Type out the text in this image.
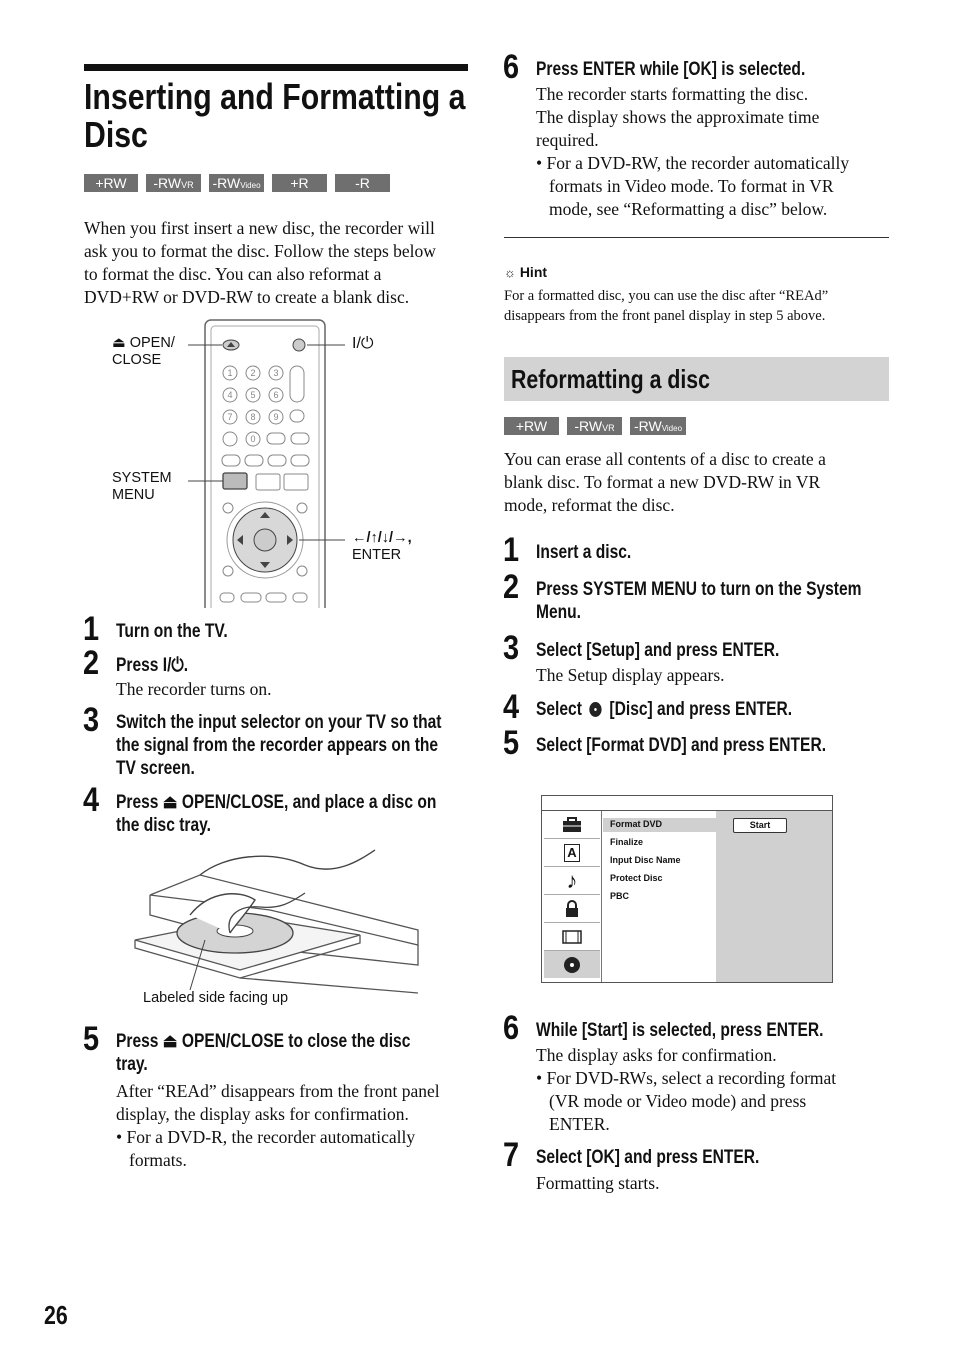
Inserting and Formatting a
Disc
+RW	-RWVR	-RWVideo	+R	-R
When you first insert a new disc, the recorder will
ask you to format the disc. Follow the steps below
to format the disc. You can also reformat a
DVD+RW or DVD-RW to create a blank disc.
1 2 3
4 5 6
7 8 9
0
⏏ OPEN/
CLOSE
I/⏻
SYSTEM
MENU
←/↑/↓/→,
ENTER
1 Turn on the TV.
2 Press I/⏻.
The recorder turns on.
3 Switch the input selector on your TV so that
the signal from the recorder appears on the
TV screen.
4 Press ⏏ OPEN/CLOSE, and place a disc on
the disc tray.
Labeled side facing up
5 Press ⏏ OPEN/CLOSE to close the disc
tray.
After “REAd” disappears from the front panel
display, the display asks for confirmation.
• For a DVD-R, the recorder automatically
formats.
26
6 Press ENTER while [OK] is selected.
The recorder starts formatting the disc.
The display shows the approximate time
required.
• For a DVD-RW, the recorder automatically
formats in Video mode. To format in VR
mode, see “Reformatting a disc” below.
☼ Hint
For a formatted disc, you can use the disc after “REAd”
disappears from the front panel display in step 5 above.
Reformatting a disc
+RW	-RWVR	-RWVideo
You can erase all contents of a disc to create a
blank disc. To format a new DVD-RW in VR
mode, reformat the disc.
1 Insert a disc.
2 Press SYSTEM MENU to turn on the System
Menu.
3 Select [Setup] and press ENTER.
The Setup display appears.
4 Select [Disc] and press ENTER.
5 Select [Format DVD] and press ENTER.
A
♪
Format DVD
Finalize
Input Disc Name
Protect Disc
PBC
Start
6 While [Start] is selected, press ENTER.
The display asks for confirmation.
• For DVD-RWs, select a recording format
(VR mode or Video mode) and press
ENTER.
7 Select [OK] and press ENTER.
Formatting starts.
